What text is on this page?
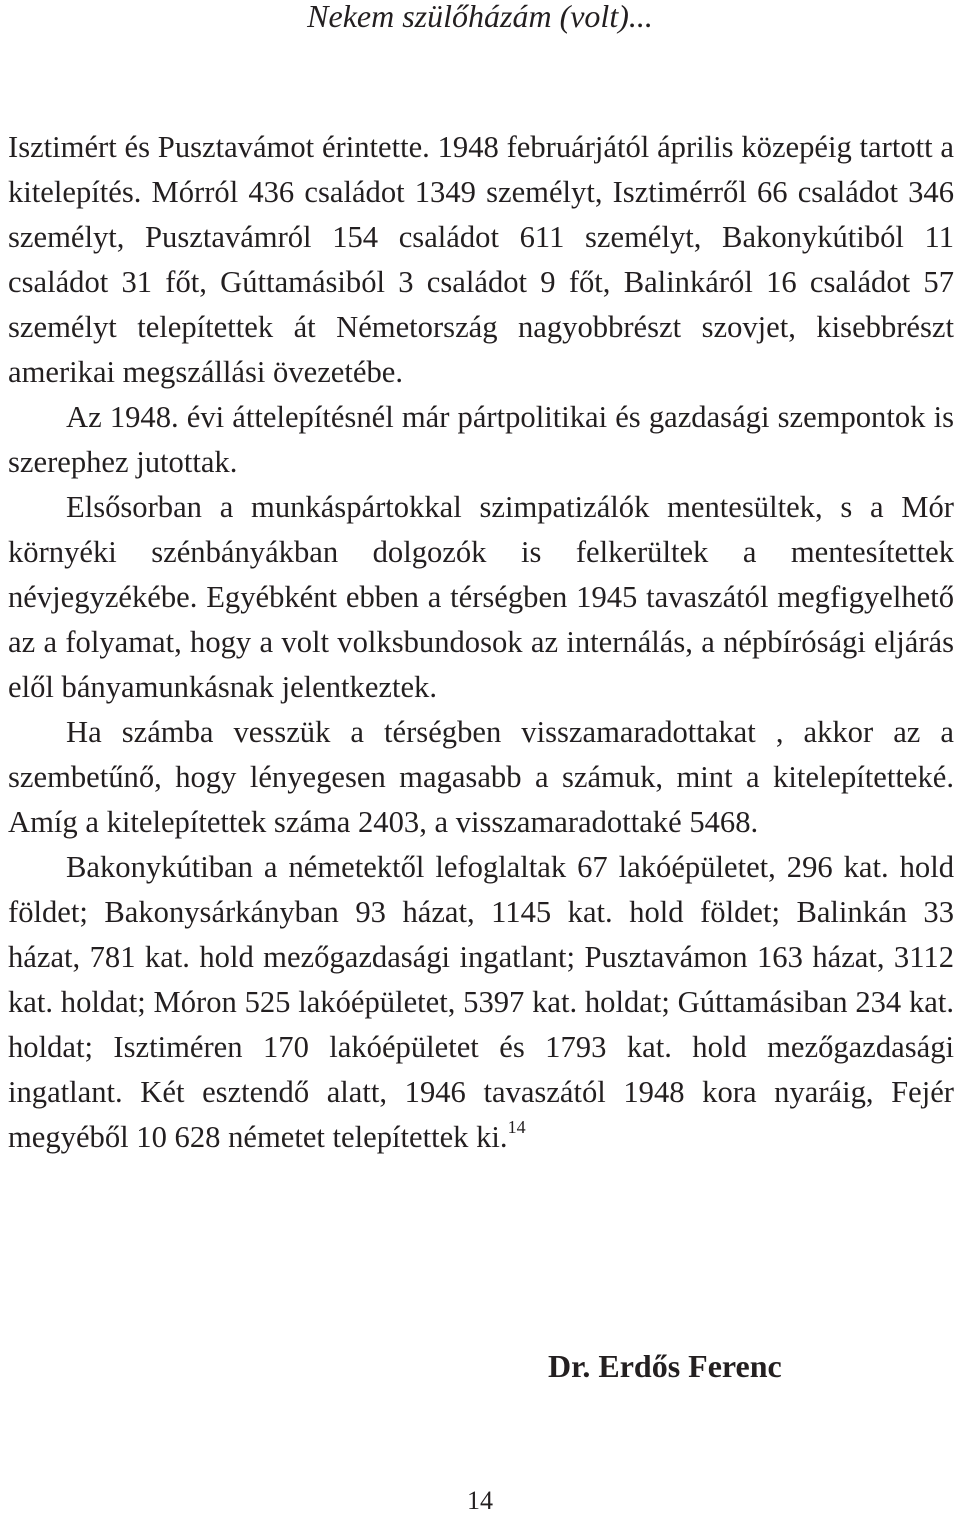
Nekem szülőházám (volt)...

Isztimért és Pusztavámot érintette. 1948 februárjától április közepéig tartott a kitelepítés. Mórról 436 családot 1349 személyt, Isztimérről 66 családot 346 személyt, Pusztavámról 154 családot 611 személyt, Bakonykútiból 11 családot 31 főt, Gúttamásiból 3 családot 9 főt, Balinkáról 16 családot 57 személyt telepítettek át Németország nagyobbrészt szovjet, kisebbrészt amerikai megszállási övezetébe.

Az 1948. évi áttelepítésnél már pártpolitikai és gazdasági szempontok is szerephez jutottak.

Elsősorban a munkáspártokkal szimpatizálók mentesültek, s a Mór környéki szénbányákban dolgozók is felkerültek a mentesítettek névjegyzékébe. Egyébként ebben a térségben 1945 tavaszától megfigyelhető az a folyamat, hogy a volt volksbundosok az internálás, a népbírósági eljárás elől bányamunkásnak jelentkeztek.

Ha számba vesszük a térségben visszamaradottakat , akkor az a szembetűnő, hogy lényegesen magasabb a számuk, mint a kitelepítetteké. Amíg a kitelepítettek száma 2403, a visszamaradottaké 5468.

Bakonykútiban a németektől lefoglaltak 67 lakóépületet, 296 kat. hold földet; Bakonysárkányban 93 házat, 1145 kat. hold földet; Balinkán 33 házat, 781 kat. hold mezőgazdasági ingatlant; Pusztavámon 163 házat, 3112 kat. holdat; Móron 525 lakóépületet, 5397 kat. holdat; Gúttamásiban 234 kat. holdat; Isztiméren 170 lakóépületet és 1793 kat. hold mezőgazdasági ingatlant. Két esztendő alatt, 1946 tavaszától 1948 kora nyaráig, Fejér megyéből 10 628 németet telepítettek ki.$^{14}$

Dr. Erdős Ferenc
14
